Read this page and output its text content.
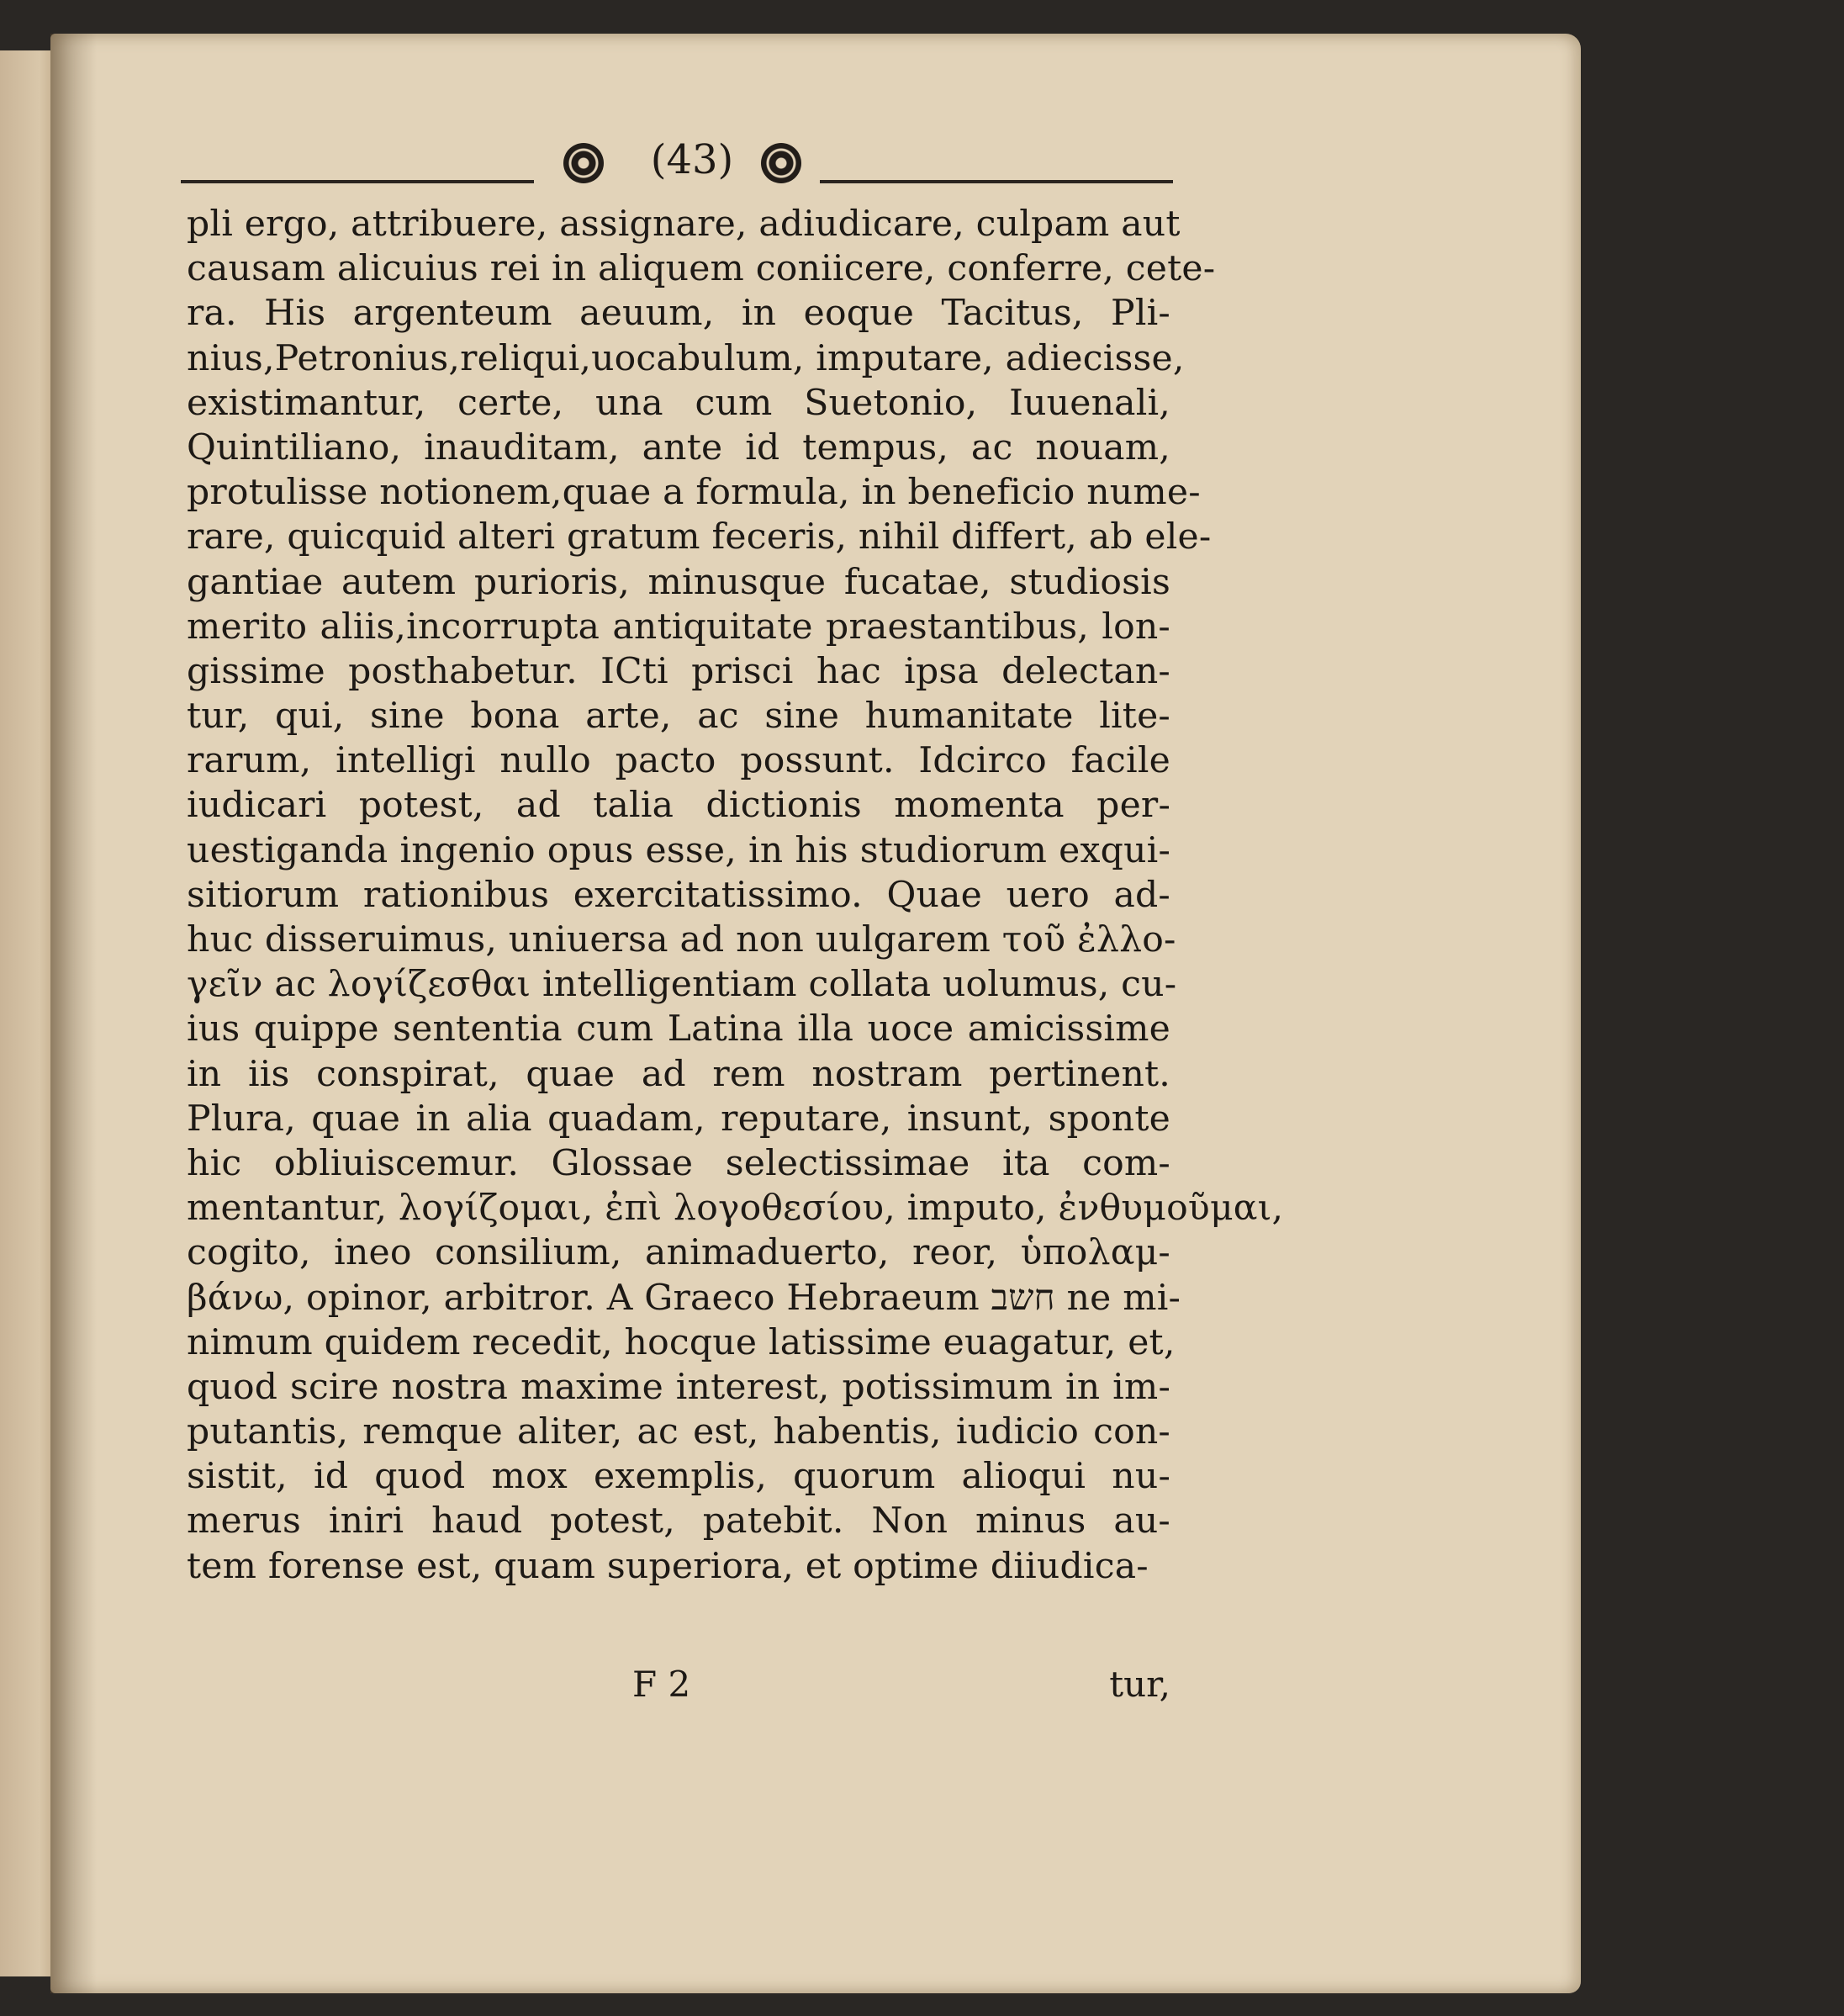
(43)
pli ergo, attribuere, assignare, adiudicare, culpam aut
causam alicuius rei in aliquem coniicere, conferre, cete-
ra. His argenteum aeuum, in eoque Tacitus, Pli-
nius,Petronius,reliqui,uocabulum, imputare, adiecisse,
existimantur, certe, una cum Suetonio, Iuuenali,
Quintiliano, inauditam, ante id tempus, ac nouam,
protulisse notionem,quae a formula, in beneficio nume-
rare, quicquid alteri gratum feceris, nihil differt, ab ele-
gantiae autem purioris, minusque fucatae, studiosis
merito aliis,incorrupta antiquitate praestantibus, lon-
gissime posthabetur. ICti prisci hac ipsa delectan-
tur, qui, sine bona arte, ac sine humanitate lite-
rarum, intelligi nullo pacto possunt. Idcirco facile
iudicari potest, ad talia dictionis momenta per-
uestiganda ingenio opus esse, in his studiorum exqui-
sitiorum rationibus exercitatissimo. Quae uero ad-
huc disseruimus, uniuersa ad non uulgarem τοῦ ἐλλο-
γεῖν ac λογίζεσθαι intelligentiam collata uolumus, cu-
ius quippe sententia cum Latina illa uoce amicissime
in iis conspirat, quae ad rem nostram pertinent.
Plura, quae in alia quadam, reputare, insunt, sponte
hic obliuiscemur. Glossae selectissimae ita com-
mentantur, λογίζομαι, ἐπὶ λογοθεσίου, imputo, ἐνθυμοῦμαι,
cogito, ineo consilium, animaduerto, reor, ὑπολαμ-
βάνω, opinor, arbitror. A Graeco Hebraeum חשב ne mi-
nimum quidem recedit, hocque latissime euagatur, et,
quod scire nostra maxime interest, potissimum in im-
putantis, remque aliter, ac est, habentis, iudicio con-
sistit, id quod mox exemplis, quorum alioqui nu-
merus iniri haud potest, patebit. Non minus au-
tem forense est, quam superiora, et optime diiudica-
F 2	tur,
